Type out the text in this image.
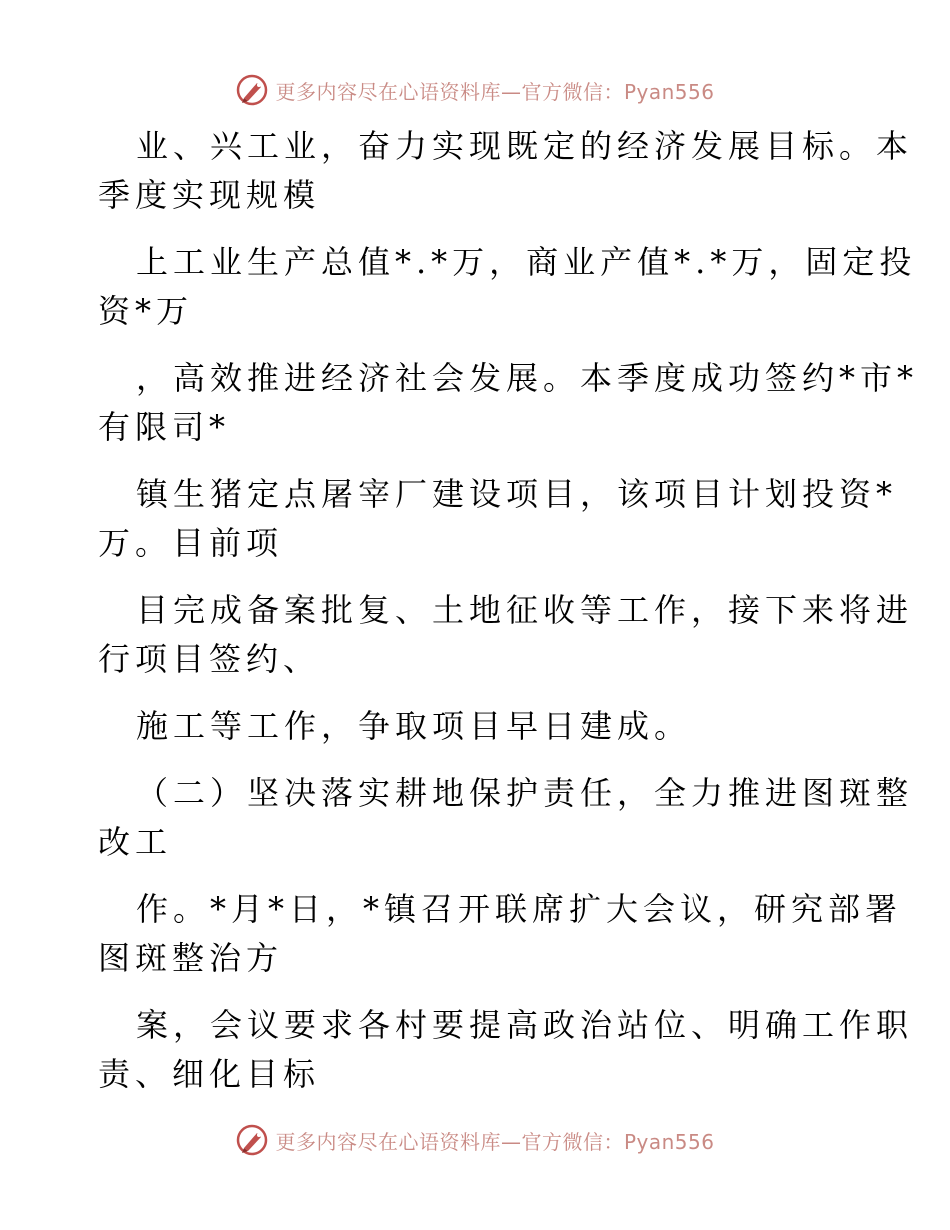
更多内容尽在心语资料库—官方微信：Pyan556
业、兴工业，奋力实现既定的经济发展目标。本
季度实现规模
上工业生产总值*.*万，商业产值*.*万，固定投
资*万
，高效推进经济社会发展。本季度成功签约*市*
有限司*
镇生猪定点屠宰厂建设项目，该项目计划投资*
万。目前项
目完成备案批复、土地征收等工作，接下来将进
行项目签约、
施工等工作，争取项目早日建成。
（二）坚决落实耕地保护责任，全力推进图斑整
改工
作。*月*日，*镇召开联席扩大会议，研究部署
图斑整治方
案，会议要求各村要提高政治站位、明确工作职
责、细化目标
更多内容尽在心语资料库—官方微信：Pyan556
